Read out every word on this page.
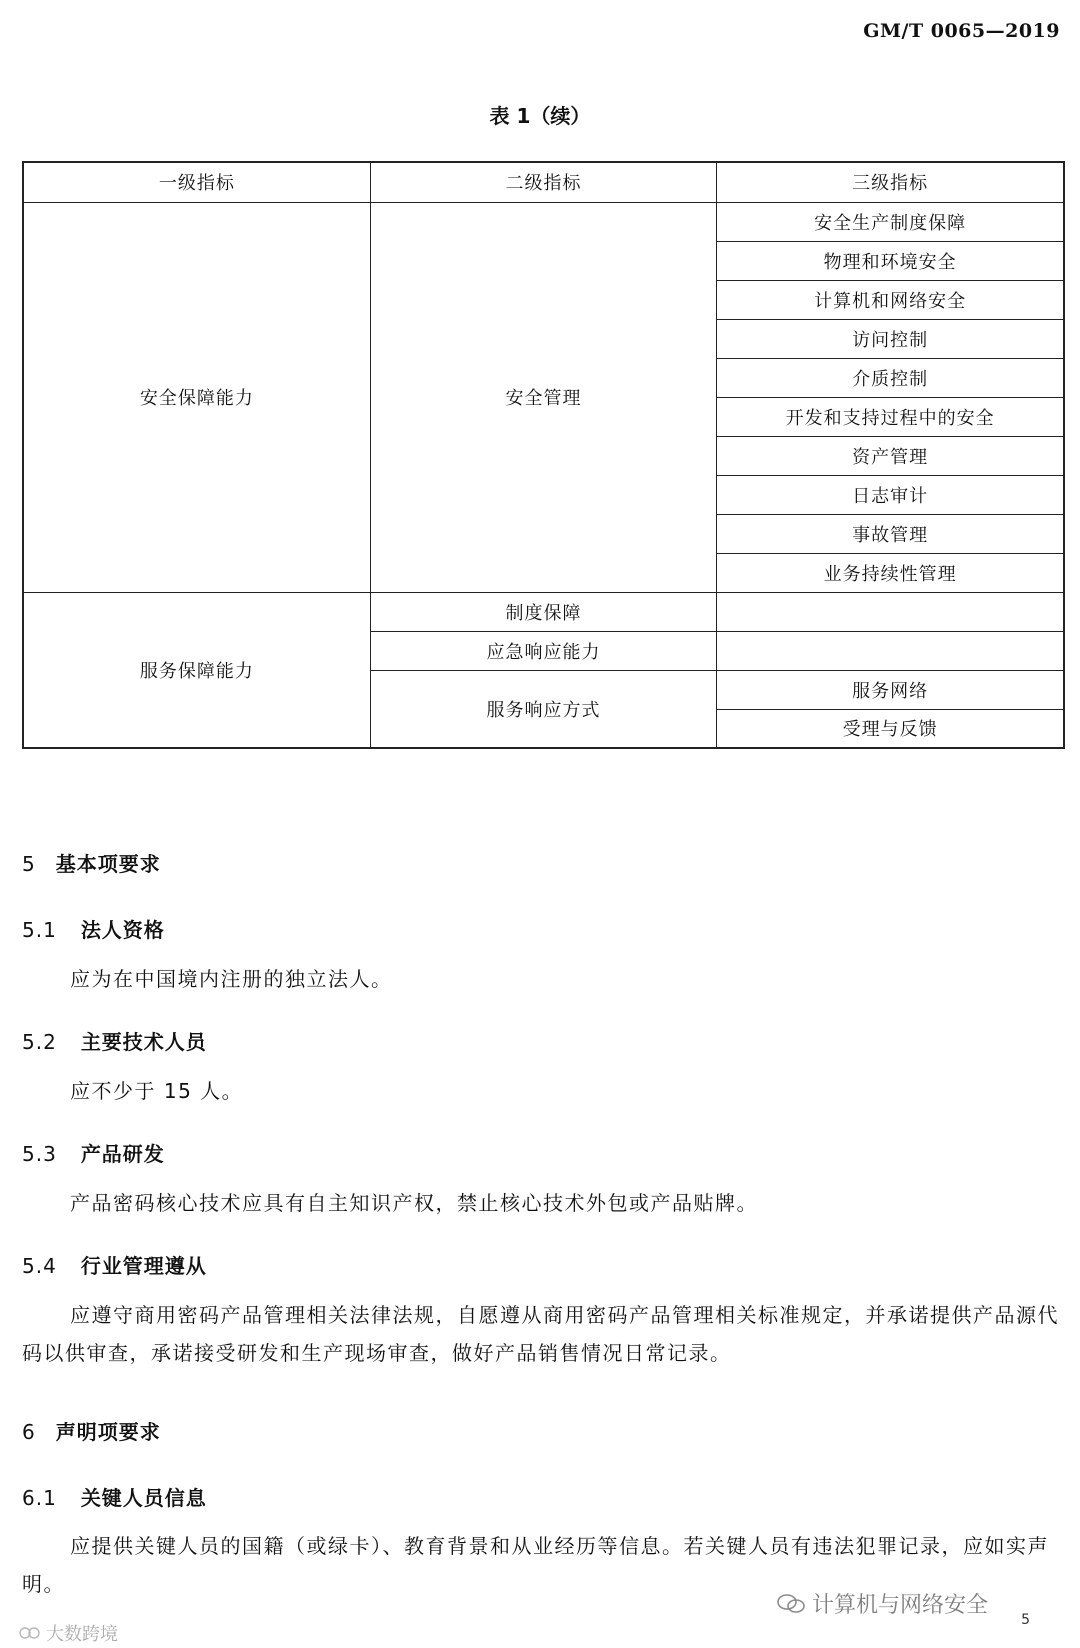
GM/T 0065—2019
表 1（续）
一级指标	二级指标	三级指标
安全保障能力	安全管理	安全生产制度保障
		物理和环境安全
		计算机和网络安全
		访问控制
		介质控制
		开发和支持过程中的安全
		资产管理
		日志审计
		事故管理
		业务持续性管理
服务保障能力	制度保障	
	应急响应能力	
	服务响应方式	服务网络
		受理与反馈
5 基本项要求
5.1 法人资格
应为在中国境内注册的独立法人。
5.2 主要技术人员
应不少于 15 人。
5.3 产品研发
产品密码核心技术应具有自主知识产权，禁止核心技术外包或产品贴牌。
5.4 行业管理遵从
应遵守商用密码产品管理相关法律法规，自愿遵从商用密码产品管理相关标准规定，并承诺提供产品源代码以供审查，承诺接受研发和生产现场审查，做好产品销售情况日常记录。
6 声明项要求
6.1 关键人员信息
应提供关键人员的国籍（或绿卡）、教育背景和从业经历等信息。若关键人员有违法犯罪记录，应如实声明。
计算机与网络安全
5
大数跨境
